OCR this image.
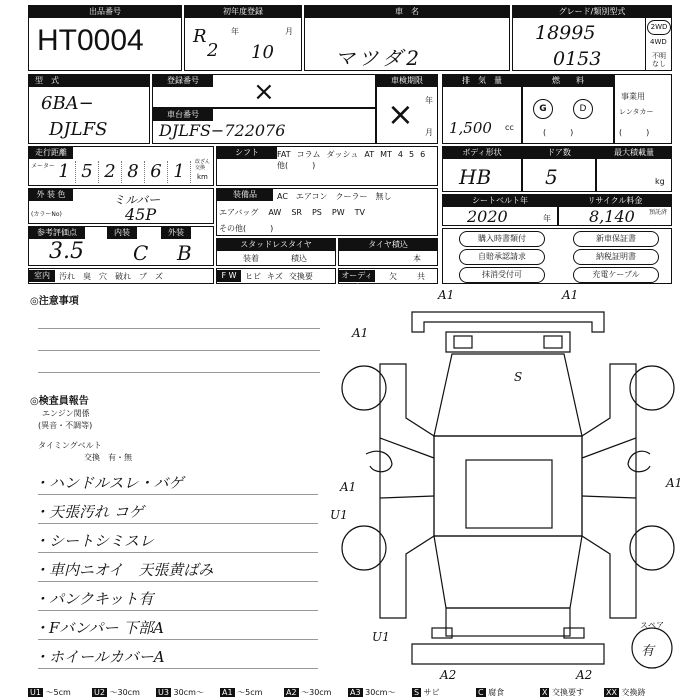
出品番号
HT0004
初年度登録
R
2
年
10
月
車　名
マツダ2
グレード/類別型式
18995
0153
2WD
4WD
不明
なし
型　式
6BA−
DJLFS
登録番号	×
車台番号
DJLFS−722076
車検期限
× 年
月
排　気　量
1,500 cc
燃　　料
G	D
(　　　)
事業用
レンタカー
(　　　)
走行距離
メーター 1 5 2 8 6 1	改ざん
交換
km
外 装 色
(カラーNo)
ミルバー
45P
参考評価点	内装	外装
3.5 C B
室内	汚れ 臭 穴 破れ ブ ズ
シフト	FAT コラム ダッシュ AT MT 4 5 6他(　　　)
装備品	AC エアコン クーラー 無し
エアバッグ AW SR PS PW TV
その他(　　　)
スタッドレスタイヤ
装着	積込
タイヤ積込
本
F W	ヒビ キズ 交換要	オーディオ
欠	共
ボディ形状
HB
ドア数
5
最大積載量
kg
シートベルト年
2020	年
リサイクル料金
預託済
8,140
購入時書類付	新車保証書
自賠承認請求	納税証明書
抹消受付可	充電ケーブル
◎注意事項
◎検査員報告
エンジン関係
(異音・不調等)
タイミングベルト
交換　有・無
・ハンドルスレ・バゲ
・天張汚れ コゲ
・シートシミスレ
・車内ニオイ　天張黄ばみ
・パンクキット有
・Fバンパー 下部A
・ホイールカバーA
A1	A1
A1
S
A1
U1
A1
U1
A2	A2
スペア
有
U1 〜5cm	U2 〜30cm U3 30cm〜 A1 〜5cm	A2 〜30cm A3 30cm〜 S サビ	C 腐食	X 交換要す	XX 交換跡
